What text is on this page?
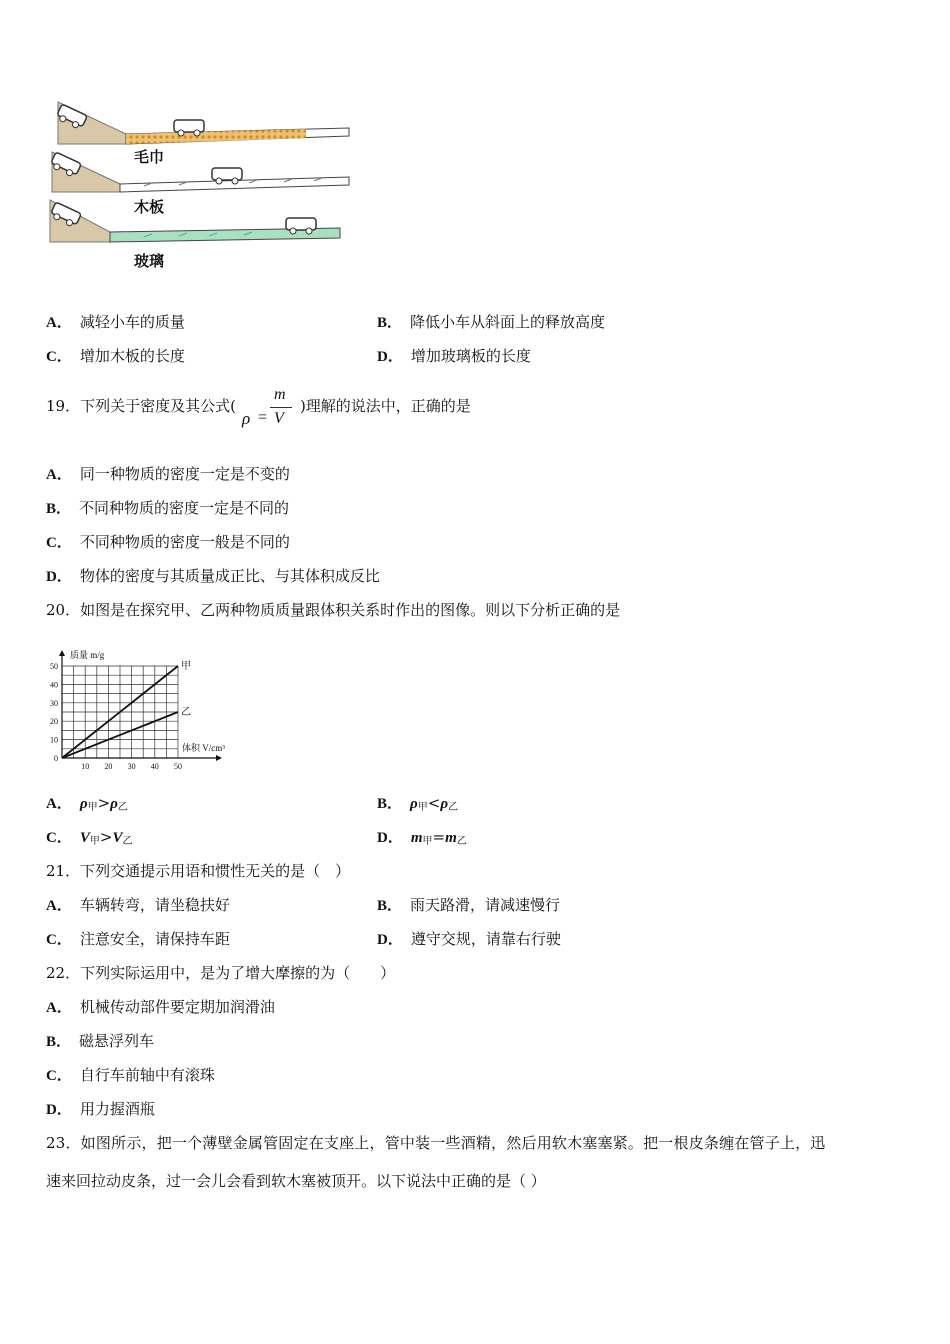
毛巾
木板
玻璃
A． 减轻小车的质量	B． 降低小车从斜面上的释放高度
C． 增加木板的长度	D． 增加玻璃板的长度
19．下列关于密度及其公式(
ρ =
m
V
)理解的说法中，正确的是
A． 同一种物质的密度一定是不变的
B． 不同种物质的密度一定是不同的
C． 不同种物质的密度一般是不同的
D． 物体的密度与其质量成正比、与其体积成反比
20．如图是在探究甲、乙两种物质质量跟体积关系时作出的图像。则以下分析正确的是
0
10
20
30
40
50
10 20 30 40 50
质量 m/g
体积 V/cm³
甲
乙
A． $\rho_甲>\rho_乙$	B． $\rho_甲<\rho_乙$
C． $V_甲>V_乙$	D． $m_甲=m_乙$
21．下列交通提示用语和惯性无关的是（　）
A． 车辆转弯，请坐稳扶好	B． 雨天路滑，请减速慢行
C． 注意安全，请保持车距	D． 遵守交规，请靠右行驶
22．下列实际运用中，是为了增大摩擦的为（　　）
A． 机械传动部件要定期加润滑油
B． 磁悬浮列车
C． 自行车前轴中有滚珠
D． 用力握酒瓶
23．如图所示，把一个薄壁金属管固定在支座上，管中装一些酒精，然后用软木塞塞紧。把一根皮条缠在管子上，迅
速来回拉动皮条，过一会儿会看到软木塞被顶开。以下说法中正确的是（ ）
